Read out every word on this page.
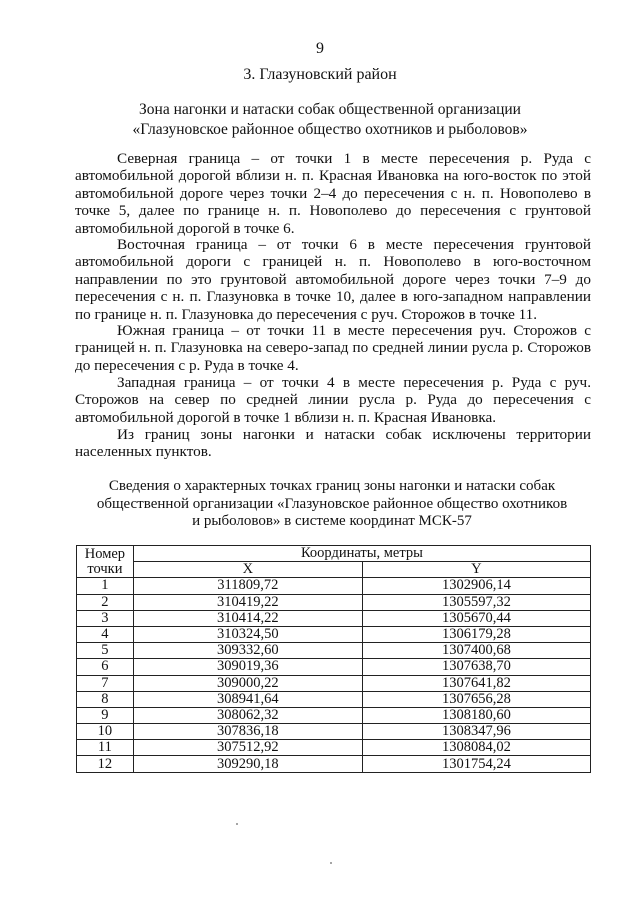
9
3. Глазуновский район
Зона нагонки и натаски собак общественной организации
«Глазуновское районное общество охотников и рыболовов»

Северная граница – от точки 1 в месте пересечения р. Руда с автомобильной дорогой вблизи н. п. Красная Ивановка на юго-восток по этой автомобильной дороге через точки 2–4 до пересечения с н. п. Новополево в точке 5, далее по границе н. п. Новополево до пересечения с грунтовой автомобильной дорогой в точке 6.

Восточная граница – от точки 6 в месте пересечения грунтовой автомобильной дороги с границей н. п. Новополево в юго-восточном направлении по это грунтовой автомобильной дороге через точки 7–9 до пересечения с н. п. Глазуновка в точке 10, далее в юго-западном направлении по границе н. п. Глазуновка до пересечения с руч. Сторожов в точке 11.

Южная граница – от точки 11 в месте пересечения руч. Сторожов с границей н. п. Глазуновка на северо-запад по средней линии русла р. Сторожов до пересечения с р. Руда в точке 4.

Западная граница – от точки 4 в месте пересечения р. Руда с руч. Сторожов на север по средней линии русла р. Руда до пересечения с автомобильной дорогой в точке 1 вблизи н. п. Красная Ивановка.

Из границ зоны нагонки и натаски собак исключены территории населенных пунктов.

Сведения о характерных точках границ зоны нагонки и натаски собак
общественной организации «Глазуновское районное общество охотников
и рыболовов» в системе координат МСК-57
Номер
точки	Координаты, метры	
	X	Y
1	311809,72	1302906,14
2	310419,22	1305597,32
3	310414,22	1305670,44
4	310324,50	1306179,28
5	309332,60	1307400,68
6	309019,36	1307638,70
7	309000,22	1307641,82
8	308941,64	1307656,28
9	308062,32	1308180,60
10	307836,18	1308347,96
11	307512,92	1308084,02
12	309290,18	1301754,24
